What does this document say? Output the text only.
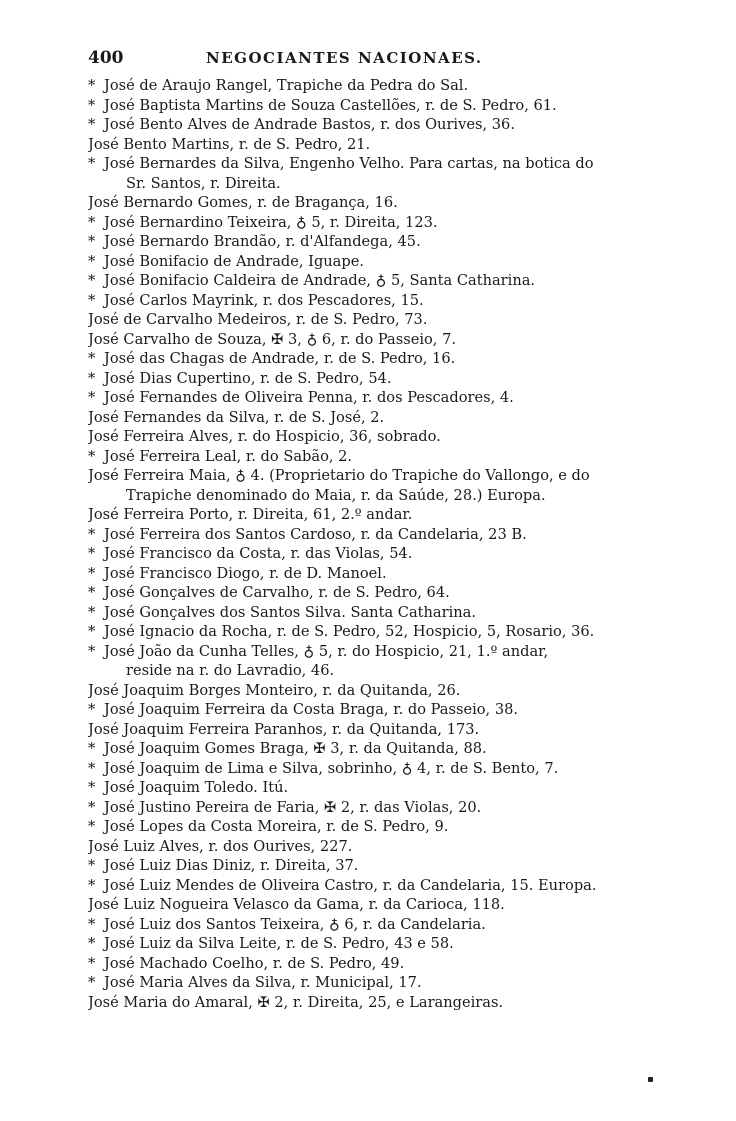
400	NEGOCIANTES NACIONAES.
* José de Araujo Rangel, Trapiche da Pedra do Sal.
* José Baptista Martins de Souza Castellões, r. de S. Pedro, 61.
* José Bento Alves de Andrade Bastos, r. dos Ourives, 36.
José Bento Martins, r. de S. Pedro, 21.
* José Bernardes da Silva, Engenho Velho. Para cartas, na botica do
Sr. Santos, r. Direita.
José Bernardo Gomes, r. de Bragança, 16.
* José Bernardino Teixeira, ♁ 5, r. Direita, 123.
* José Bernardo Brandão, r. d'Alfandega, 45.
* José Bonifacio de Andrade, Iguape.
* José Bonifacio Caldeira de Andrade, ♁ 5, Santa Catharina.
* José Carlos Mayrink, r. dos Pescadores, 15.
José de Carvalho Medeiros, r. de S. Pedro, 73.
José Carvalho de Souza, ✠ 3, ♁ 6, r. do Passeio, 7.
* José das Chagas de Andrade, r. de S. Pedro, 16.
* José Dias Cupertino, r. de S. Pedro, 54.
* José Fernandes de Oliveira Penna, r. dos Pescadores, 4.
José Fernandes da Silva, r. de S. José, 2.
José Ferreira Alves, r. do Hospicio, 36, sobrado.
* José Ferreira Leal, r. do Sabão, 2.
José Ferreira Maia, ♁ 4. (Proprietario do Trapiche do Vallongo, e do
Trapiche denominado do Maia, r. da Saúde, 28.) Europa.
José Ferreira Porto, r. Direita, 61, 2.º andar.
* José Ferreira dos Santos Cardoso, r. da Candelaria, 23 B.
* José Francisco da Costa, r. das Violas, 54.
* José Francisco Diogo, r. de D. Manoel.
* José Gonçalves de Carvalho, r. de S. Pedro, 64.
* José Gonçalves dos Santos Silva. Santa Catharina.
* José Ignacio da Rocha, r. de S. Pedro, 52, Hospicio, 5, Rosario, 36.
* José João da Cunha Telles, ♁ 5, r. do Hospicio, 21, 1.º andar,
reside na r. do Lavradio, 46.
José Joaquim Borges Monteiro, r. da Quitanda, 26.
* José Joaquim Ferreira da Costa Braga, r. do Passeio, 38.
José Joaquim Ferreira Paranhos, r. da Quitanda, 173.
* José Joaquim Gomes Braga, ✠ 3, r. da Quitanda, 88.
* José Joaquim de Lima e Silva, sobrinho, ♁ 4, r. de S. Bento, 7.
* José Joaquim Toledo. Itú.
* José Justino Pereira de Faria, ✠ 2, r. das Violas, 20.
* José Lopes da Costa Moreira, r. de S. Pedro, 9.
José Luiz Alves, r. dos Ourives, 227.
* José Luiz Dias Diniz, r. Direita, 37.
* José Luiz Mendes de Oliveira Castro, r. da Candelaria, 15. Europa.
José Luiz Nogueira Velasco da Gama, r. da Carioca, 118.
* José Luiz dos Santos Teixeira, ♁ 6, r. da Candelaria.
* José Luiz da Silva Leite, r. de S. Pedro, 43 e 58.
* José Machado Coelho, r. de S. Pedro, 49.
* José Maria Alves da Silva, r. Municipal, 17.
José Maria do Amaral, ✠ 2, r. Direita, 25, e Larangeiras.
